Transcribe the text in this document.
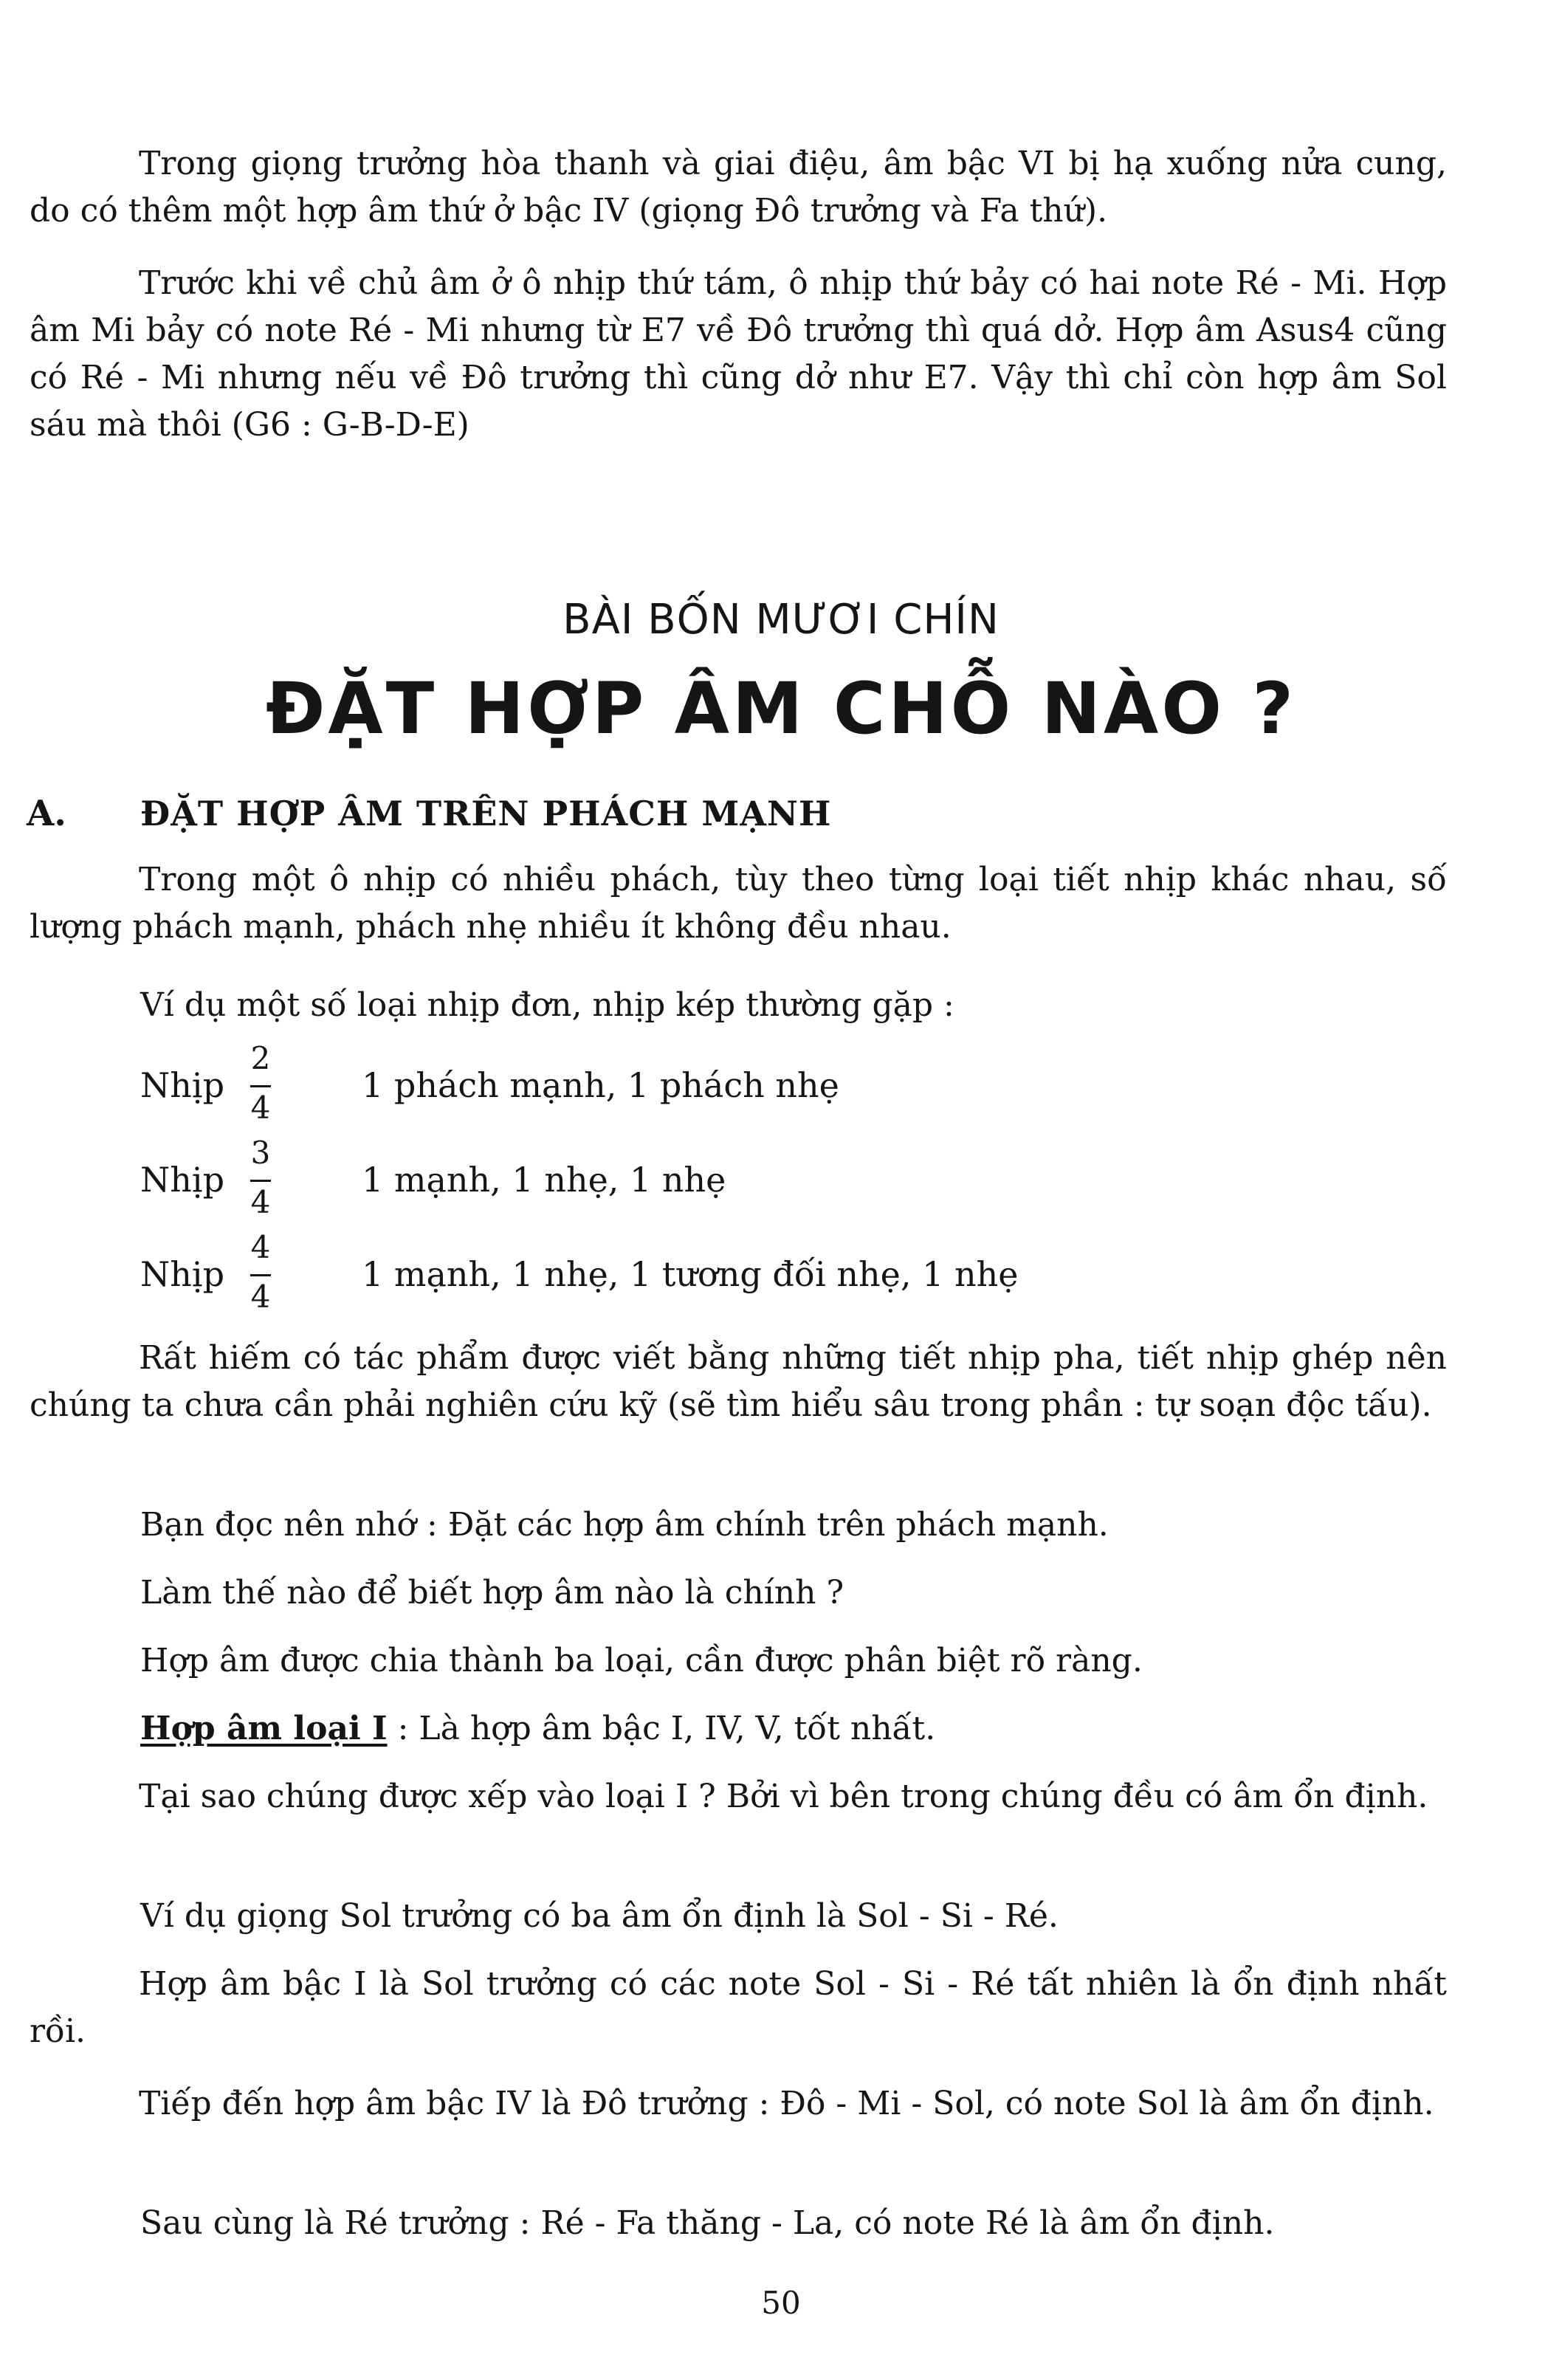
Trong giọng trưởng hòa thanh và giai điệu, âm bậc VI bị hạ xuống nửa cung, do có thêm một hợp âm thứ ở bậc IV (giọng Đô trưởng và Fa thứ).

Trước khi về chủ âm ở ô nhịp thứ tám, ô nhịp thứ bảy có hai note Ré - Mi. Hợp âm Mi bảy có note Ré - Mi nhưng từ E7 về Đô trưởng thì quá dở. Hợp âm Asus4 cũng có Ré - Mi nhưng nếu về Đô trưởng thì cũng dở như E7. Vậy thì chỉ còn hợp âm Sol sáu mà thôi (G6 : G-B-D-E)

BÀI BỐN MƯƠI CHÍN
ĐẶT HỢP ÂM CHỖ NÀO ?
A. ĐẶT HỢP ÂM TRÊN PHÁCH MẠNH

Trong một ô nhịp có nhiều phách, tùy theo từng loại tiết nhịp khác nhau, số lượng phách mạnh, phách nhẹ nhiều ít không đều nhau.

Ví dụ một số loại nhịp đơn, nhịp kép thường gặp :

Nhịp
2
4
1 phách mạnh, 1 phách nhẹ
Nhịp
3
4
1 mạnh, 1 nhẹ, 1 nhẹ
Nhịp
4
4
1 mạnh, 1 nhẹ, 1 tương đối nhẹ, 1 nhẹ

Rất hiếm có tác phẩm được viết bằng những tiết nhịp pha, tiết nhịp ghép nên chúng ta chưa cần phải nghiên cứu kỹ (sẽ tìm hiểu sâu trong phần : tự soạn độc tấu).

Bạn đọc nên nhớ : Đặt các hợp âm chính trên phách mạnh.

Làm thế nào để biết hợp âm nào là chính ?

Hợp âm được chia thành ba loại, cần được phân biệt rõ ràng.

Hợp âm loại I : Là hợp âm bậc I, IV, V, tốt nhất.

Tại sao chúng được xếp vào loại I ? Bởi vì bên trong chúng đều có âm ổn định.

Ví dụ giọng Sol trưởng có ba âm ổn định là Sol - Si - Ré.

Hợp âm bậc I là Sol trưởng có các note Sol - Si - Ré tất nhiên là ổn định nhất rồi.

Tiếp đến hợp âm bậc IV là Đô trưởng : Đô - Mi - Sol, có note Sol là âm ổn định.

Sau cùng là Ré trưởng : Ré - Fa thăng - La, có note Ré là âm ổn định.

50
